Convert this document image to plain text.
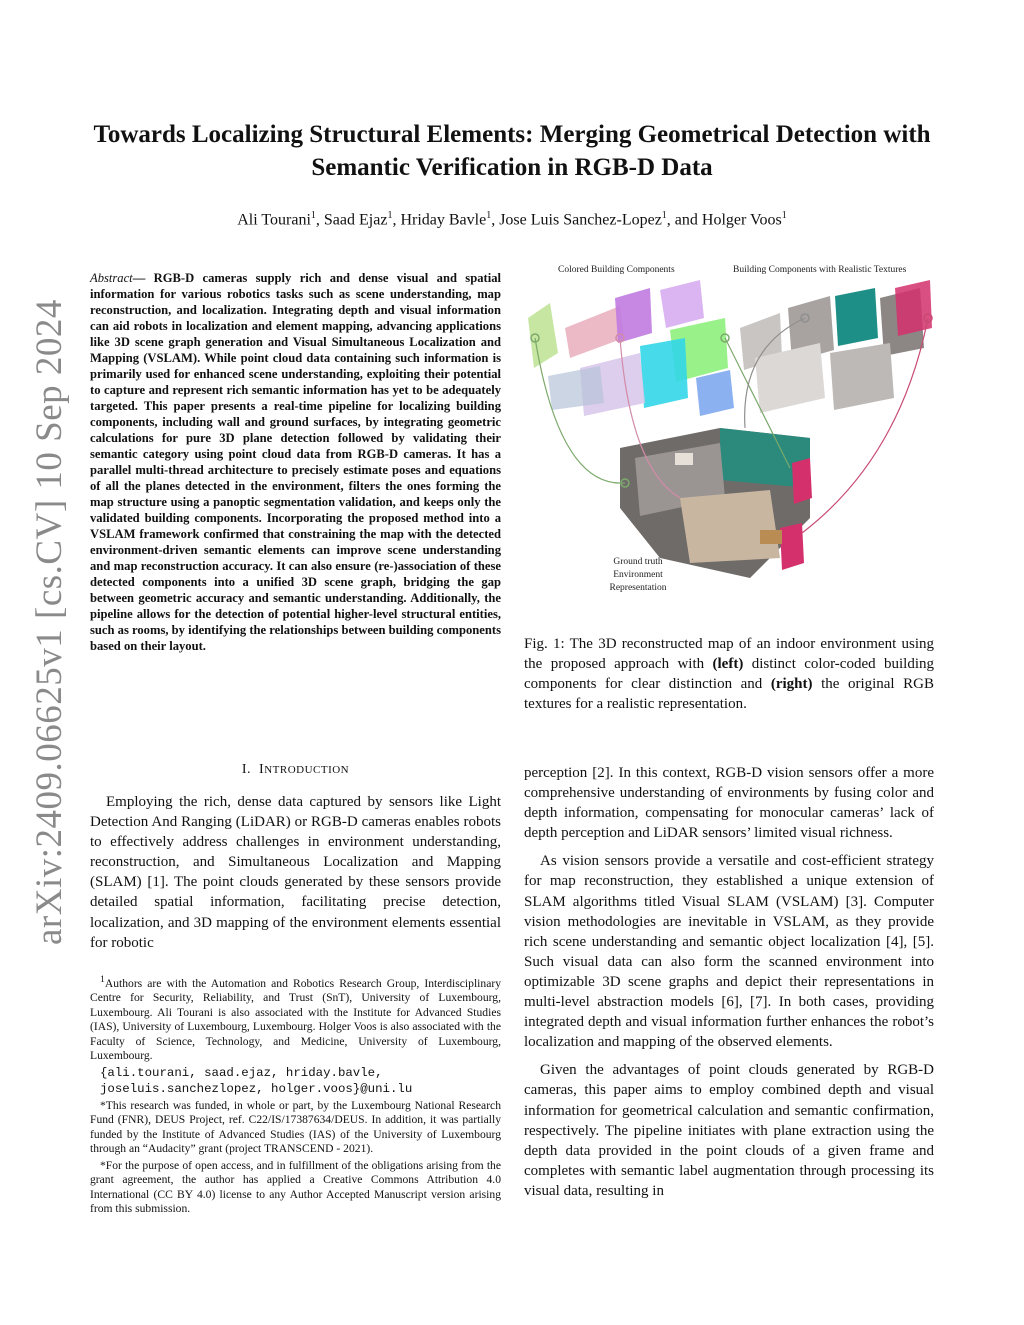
Towards Localizing Structural Elements: Merging Geometrical Detection with Semantic Verification in RGB-D Data
Ali Tourani$^1$, Saad Ejaz$^1$, Hriday Bavle$^1$, Jose Luis Sanchez-Lopez$^1$, and Holger Voos$^1$
arXiv:2409.06625v1 [cs.CV] 10 Sep 2024
Abstract— RGB-D cameras supply rich and dense visual and spatial information for various robotics tasks such as scene understanding, map reconstruction, and localization. Integrating depth and visual information can aid robots in localization and element mapping, advancing applications like 3D scene graph generation and Visual Simultaneous Localization and Mapping (VSLAM). While point cloud data containing such information is primarily used for enhanced scene understanding, exploiting their potential to capture and represent rich semantic information has yet to be adequately targeted. This paper presents a real-time pipeline for localizing building components, including wall and ground surfaces, by integrating geometric calculations for pure 3D plane detection followed by validating their semantic category using point cloud data from RGB-D cameras. It has a parallel multi-thread architecture to precisely estimate poses and equations of all the planes detected in the environment, filters the ones forming the map structure using a panoptic segmentation validation, and keeps only the validated building components. Incorporating the proposed method into a VSLAM framework confirmed that constraining the map with the detected environment-driven semantic elements can improve scene understanding and map reconstruction accuracy. It can also ensure (re-)association of these detected components into a unified 3D scene graph, bridging the gap between geometric accuracy and semantic understanding. Additionally, the pipeline allows for the detection of potential higher-level structural entities, such as rooms, by identifying the relationships between building components based on their layout.
I. INTRODUCTION
Employing the rich, dense data captured by sensors like Light Detection And Ranging (LiDAR) or RGB-D cameras enables robots to effectively address challenges in environment understanding, reconstruction, and Simultaneous Localization and Mapping (SLAM) [1]. The point clouds generated by these sensors provide detailed spatial information, facilitating precise detection, localization, and 3D mapping of the environment elements essential for robotic

$^1$Authors are with the Automation and Robotics Research Group, Interdisciplinary Centre for Security, Reliability, and Trust (SnT), University of Luxembourg, Luxembourg. Ali Tourani is also associated with the Institute for Advanced Studies (IAS), University of Luxembourg, Luxembourg. Holger Voos is also associated with the Faculty of Science, Technology, and Medicine, University of Luxembourg, Luxembourg.

{ali.tourani, saad.ejaz, hriday.bavle,

joseluis.sanchezlopez, holger.voos}@uni.lu

*This research was funded, in whole or part, by the Luxembourg National Research Fund (FNR), DEUS Project, ref. C22/IS/17387634/DEUS. In addition, it was partially funded by the Institute of Advanced Studies (IAS) of the University of Luxembourg through an “Audacity” grant (project TRANSCEND - 2021).

*For the purpose of open access, and in fulfillment of the obligations arising from the grant agreement, the author has applied a Creative Commons Attribution 4.0 International (CC BY 4.0) license to any Author Accepted Manuscript version arising from this submission.

Colored Building Components	Building Components with Realistic Textures
Ground truth
Environment
Representation
Fig. 1: The 3D reconstructed map of an indoor environment using the proposed approach with (left) distinct color-coded building components for clear distinction and (right) the original RGB textures for a realistic representation.

perception [2]. In this context, RGB-D vision sensors offer a more comprehensive understanding of environments by fusing color and depth information, compensating for monocular cameras’ lack of depth perception and LiDAR sensors’ limited visual richness.

As vision sensors provide a versatile and cost-efficient strategy for map reconstruction, they established a unique extension of SLAM algorithms titled Visual SLAM (VSLAM) [3]. Computer vision methodologies are inevitable in VSLAM, as they provide rich scene understanding and semantic object localization [4], [5]. Such visual data can also form the scanned environment into optimizable 3D scene graphs and depict their representations in multi-level abstraction models [6], [7]. In both cases, providing integrated depth and visual information further enhances the robot’s localization and mapping of the observed elements.

Given the advantages of point clouds generated by RGB-D cameras, this paper aims to employ combined depth and visual information for geometrical calculation and semantic confirmation, respectively. The pipeline initiates with plane extraction using the depth data provided in the point clouds of a given frame and completes with semantic label augmentation through processing its visual data, resulting in
